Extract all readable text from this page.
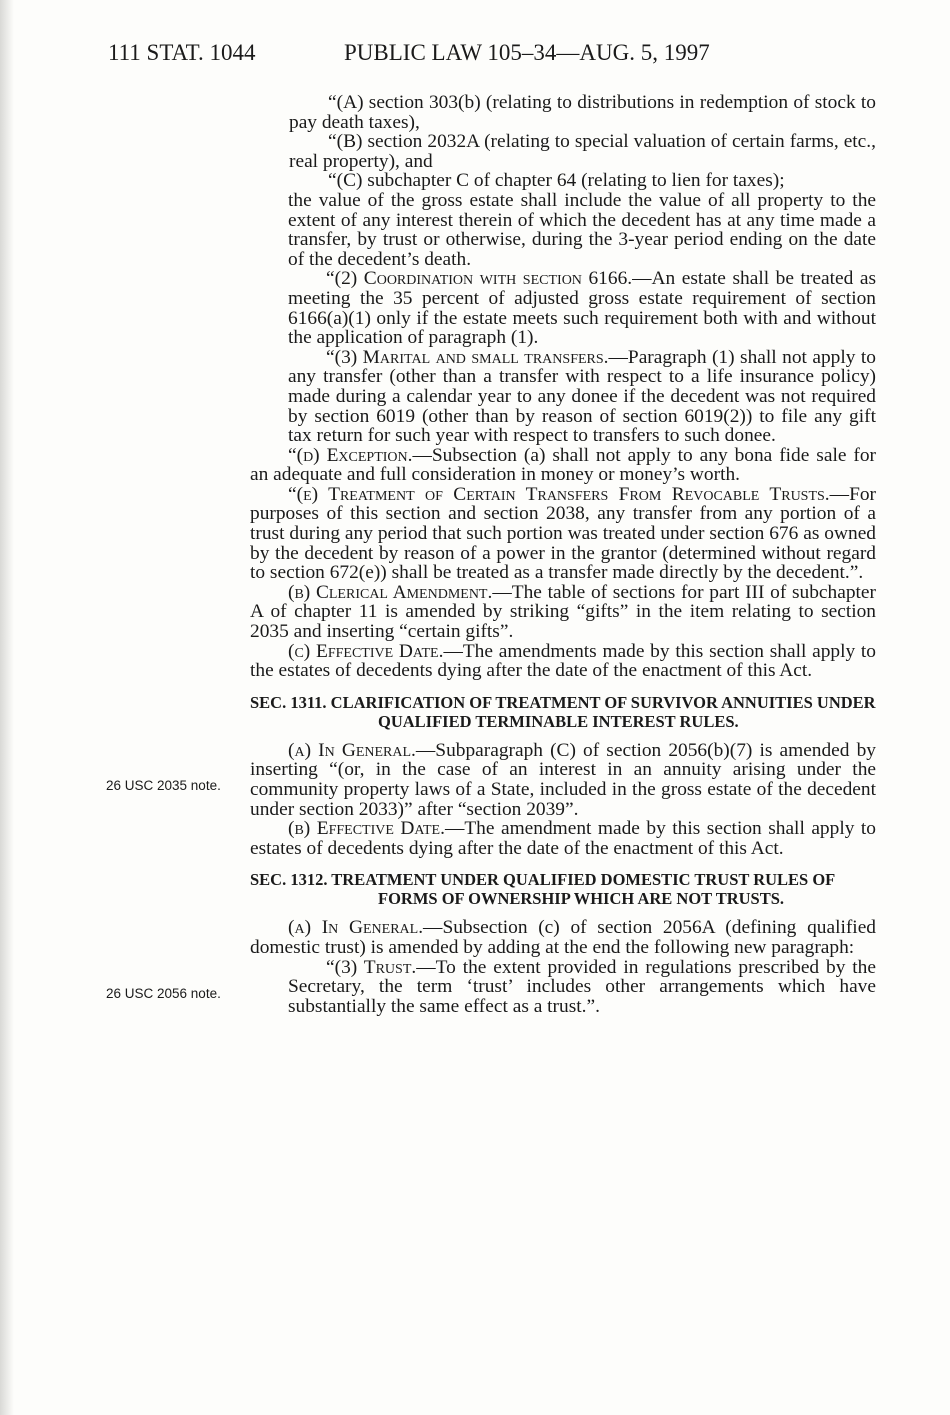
111 STAT. 1044	PUBLIC LAW 105–34—AUG. 5, 1997
26 USC 2035 note.
26 USC 2056 note.

“(A) section 303(b) (relating to distributions in redemption of stock to pay death taxes),

“(B) section 2032A (relating to special valuation of certain farms, etc., real property), and

“(C) subchapter C of chapter 64 (relating to lien for taxes);

the value of the gross estate shall include the value of all property to the extent of any interest therein of which the decedent has at any time made a transfer, by trust or otherwise, during the 3-year period ending on the date of the decedent’s death.

“(2) Coordination with section 6166.—An estate shall be treated as meeting the 35 percent of adjusted gross estate requirement of section 6166(a)(1) only if the estate meets such requirement both with and without the application of paragraph (1).

“(3) Marital and small transfers.—Paragraph (1) shall not apply to any transfer (other than a transfer with respect to a life insurance policy) made during a calendar year to any donee if the decedent was not required by section 6019 (other than by reason of section 6019(2)) to file any gift tax return for such year with respect to transfers to such donee.

“(d) Exception.—Subsection (a) shall not apply to any bona fide sale for an adequate and full consideration in money or money’s worth.

“(e) Treatment of Certain Transfers From Revocable Trusts.—For purposes of this section and section 2038, any transfer from any portion of a trust during any period that such portion was treated under section 676 as owned by the decedent by reason of a power in the grantor (determined without regard to section 672(e)) shall be treated as a transfer made directly by the decedent.”.

(b) Clerical Amendment.—The table of sections for part III of subchapter A of chapter 11 is amended by striking “gifts” in the item relating to section 2035 and inserting “certain gifts”.

(c) Effective Date.—The amendments made by this section shall apply to the estates of decedents dying after the date of the enactment of this Act.

SEC. 1311. CLARIFICATION OF TREATMENT OF SURVIVOR ANNUITIES UNDER QUALIFIED TERMINABLE INTEREST RULES.

(a) In General.—Subparagraph (C) of section 2056(b)(7) is amended by inserting “(or, in the case of an interest in an annuity arising under the community property laws of a State, included in the gross estate of the decedent under section 2033)” after “section 2039”.

(b) Effective Date.—The amendment made by this section shall apply to estates of decedents dying after the date of the enactment of this Act.

SEC. 1312. TREATMENT UNDER QUALIFIED DOMESTIC TRUST RULES OF FORMS OF OWNERSHIP WHICH ARE NOT TRUSTS.

(a) In General.—Subsection (c) of section 2056A (defining qualified domestic trust) is amended by adding at the end the following new paragraph:

“(3) Trust.—To the extent provided in regulations prescribed by the Secretary, the term ‘trust’ includes other arrangements which have substantially the same effect as a trust.”.
